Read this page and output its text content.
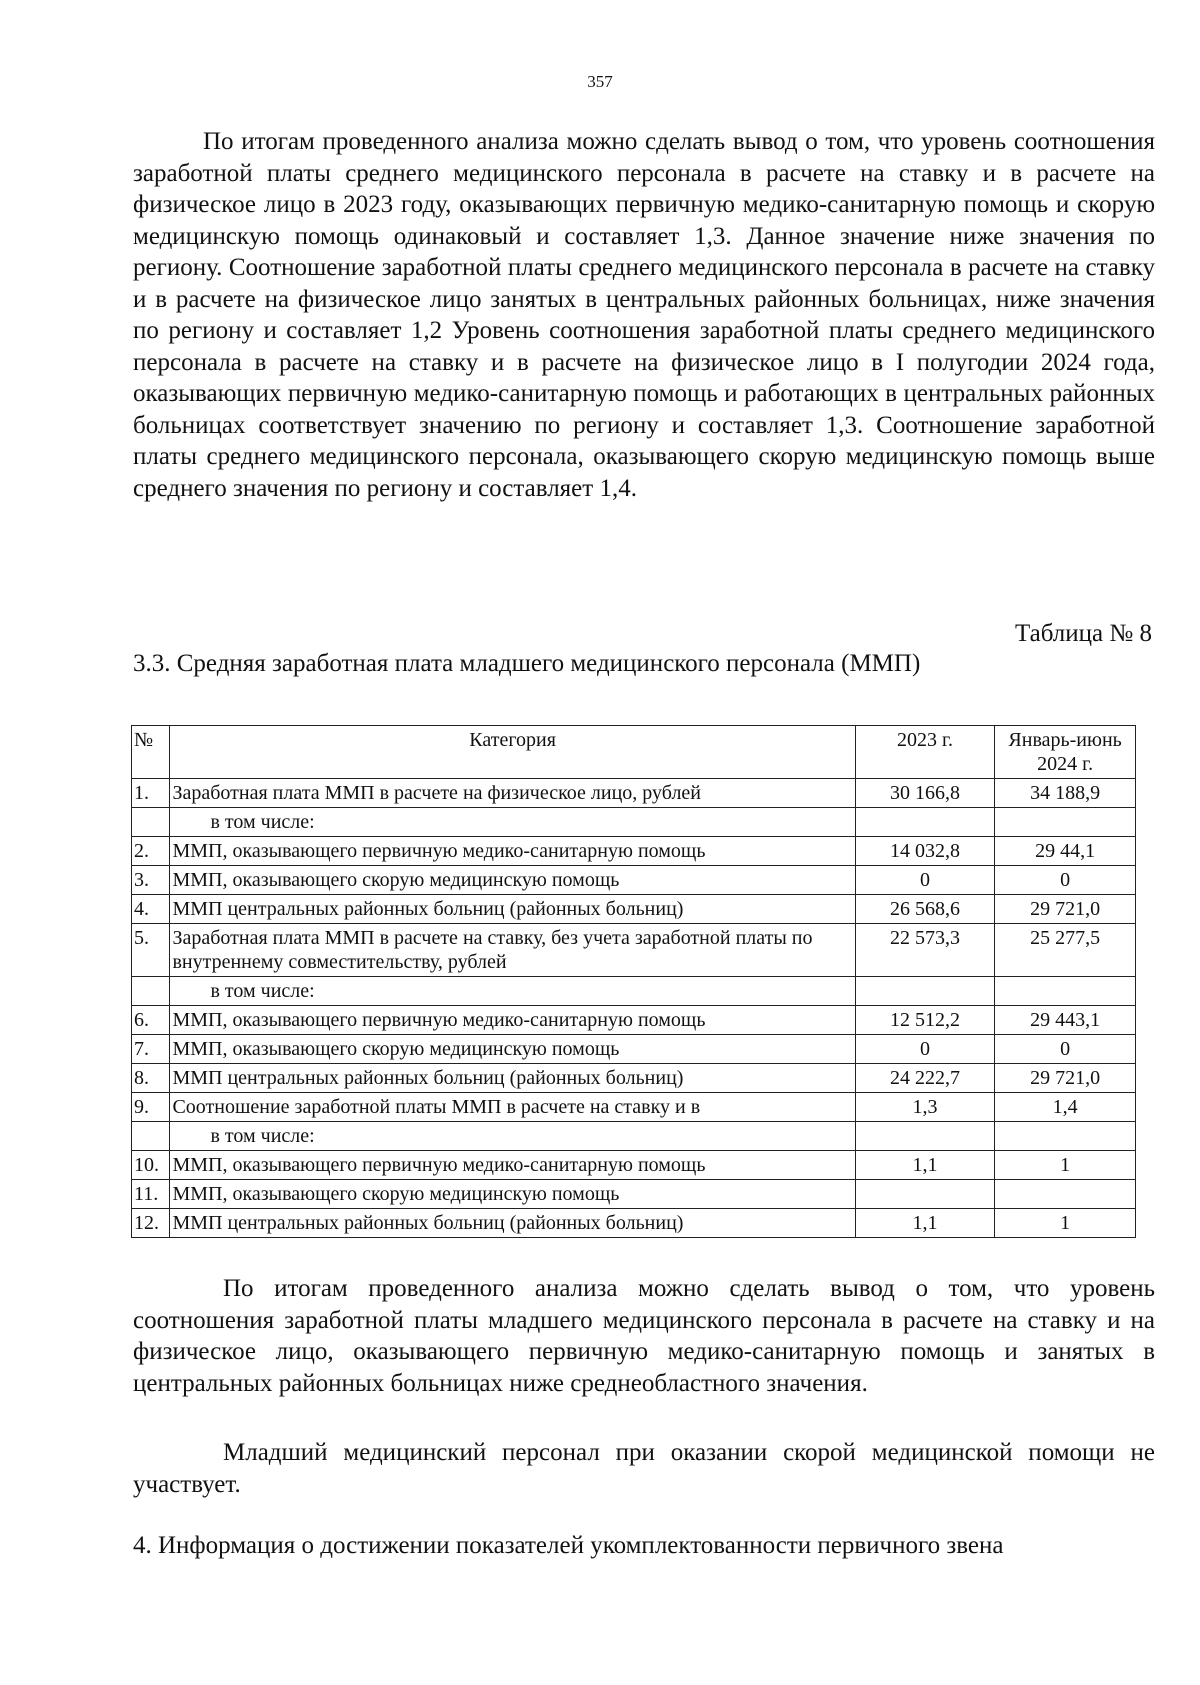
357

По итогам проведенного анализа можно сделать вывод о том, что уровень соотношения заработной платы среднего медицинского персонала в расчете на ставку и в расчете на физическое лицо в 2023 году, оказывающих первичную медико-санитарную помощь и скорую медицинскую помощь одинаковый и составляет 1,3. Данное значение ниже значения по региону. Соотношение заработной платы среднего медицинского персонала в расчете на ставку и в расчете на физическое лицо занятых в центральных районных больницах, ниже значения по региону и составляет 1,2 Уровень соотношения заработной платы среднего медицинского персонала в расчете на ставку и в расчете на физическое лицо в I полугодии 2024 года, оказывающих первичную медико-санитарную помощь и работающих в центральных районных больницах соответствует значению по региону и составляет 1,3. Соотношение заработной платы среднего медицинского персонала, оказывающего скорую медицинскую помощь выше среднего значения по региону и составляет 1,4.

Таблица № 8

3.3. Средняя заработная плата младшего медицинского персонала (ММП)

№	Категория	2023 г.	Январь-июнь
2024 г.
1.	Заработная плата ММП в расчете на физическое лицо, рублей	30 166,8	34 188,9
	в том числе:		
2.	ММП, оказывающего первичную медико-санитарную помощь	14 032,8	29 44,1
3.	ММП, оказывающего скорую медицинскую помощь	0	0
4.	ММП центральных районных больниц (районных больниц)	26 568,6	29 721,0
5.	Заработная плата ММП в расчете на ставку, без учета заработной платы по внутреннему совместительству, рублей	22 573,3	25 277,5
	в том числе:		
6.	ММП, оказывающего первичную медико-санитарную помощь	12 512,2	29 443,1
7.	ММП, оказывающего скорую медицинскую помощь	0	0
8.	ММП центральных районных больниц (районных больниц)	24 222,7	29 721,0
9.	Соотношение заработной платы ММП в расчете на ставку и в	1,3	1,4
	в том числе:		
10.	ММП, оказывающего первичную медико-санитарную помощь	1,1	1
11.	ММП, оказывающего скорую медицинскую помощь		
12.	ММП центральных районных больниц (районных больниц)	1,1	1

По итогам проведенного анализа можно сделать вывод о том, что уровень соотношения заработной платы младшего медицинского персонала в расчете на ставку и на физическое лицо, оказывающего первичную медико-санитарную помощь и занятых в центральных районных больницах ниже среднеобластного значения.

Младший медицинский персонал при оказании скорой медицинской помощи не участвует.

4. Информация о достижении показателей укомплектованности первичного звена
